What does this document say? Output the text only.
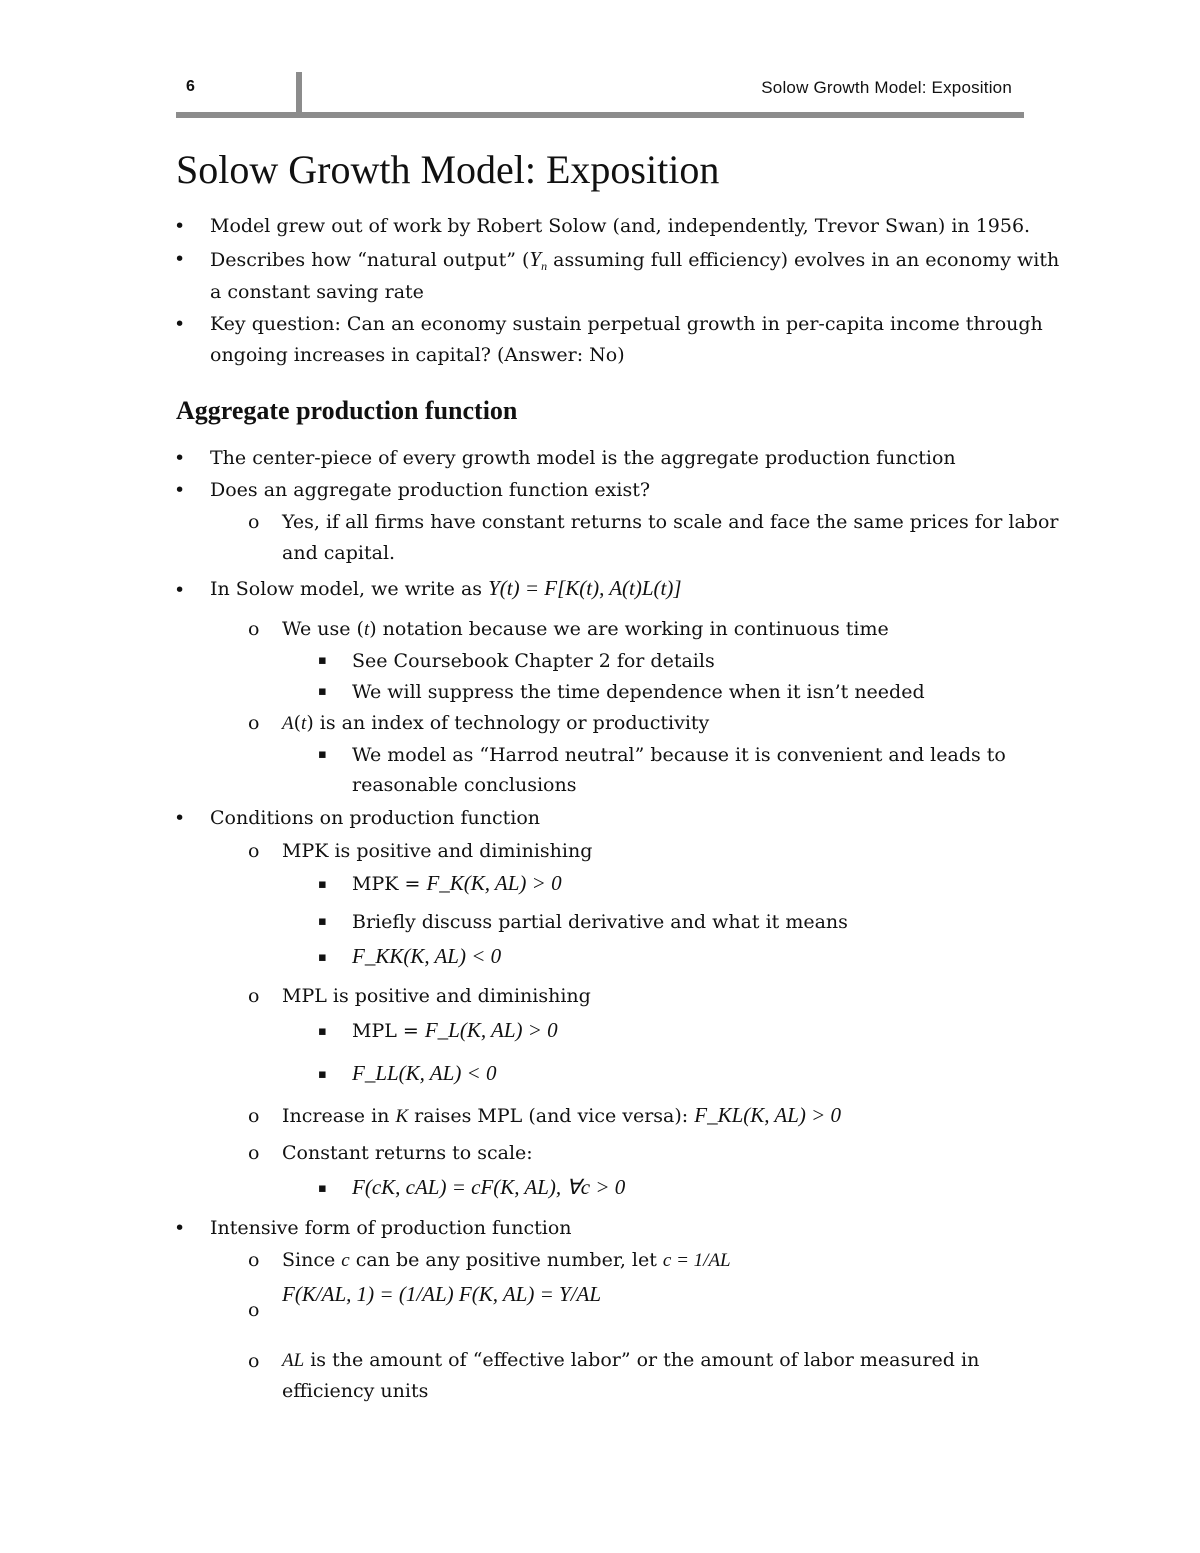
6	Solow Growth Model: Exposition
Solow Growth Model: Exposition
• Model grew out of work by Robert Solow (and, independently, Trevor Swan) in 1956.
• Describes how “natural output” ($Y_n$ assuming full efficiency) evolves in an economy with
a constant saving rate
• Key question: Can an economy sustain perpetual growth in per-capita income through
ongoing increases in capital? (Answer: No)
Aggregate production function
• The center-piece of every growth model is the aggregate production function
• Does an aggregate production function exist?
o Yes, if all firms have constant returns to scale and face the same prices for labor
and capital.
• In Solow model, we write as Y(t) = F[K(t), A(t)L(t)]
o We use (t) notation because we are working in continuous time
▪ See Coursebook Chapter 2 for details
▪ We will suppress the time dependence when it isn’t needed
o A(t) is an index of technology or productivity
▪ We model as “Harrod neutral” because it is convenient and leads to
reasonable conclusions
• Conditions on production function
o MPK is positive and diminishing
▪ MPK = F_K(K, AL) > 0
▪ Briefly discuss partial derivative and what it means
▪ F_KK(K, AL) < 0
o MPL is positive and diminishing
▪ MPL = F_L(K, AL) > 0
▪ F_LL(K, AL) < 0
o Increase in K raises MPL (and vice versa): F_KL(K, AL) > 0
o Constant returns to scale:
▪ F(cK, cAL) = cF(K, AL), ∀c > 0
• Intensive form of production function
o Since c can be any positive number, let c = 1/AL
o
F(K/AL, 1) = (1/AL) F(K, AL) = Y/AL
o AL is the amount of “effective labor” or the amount of labor measured in
efficiency units
